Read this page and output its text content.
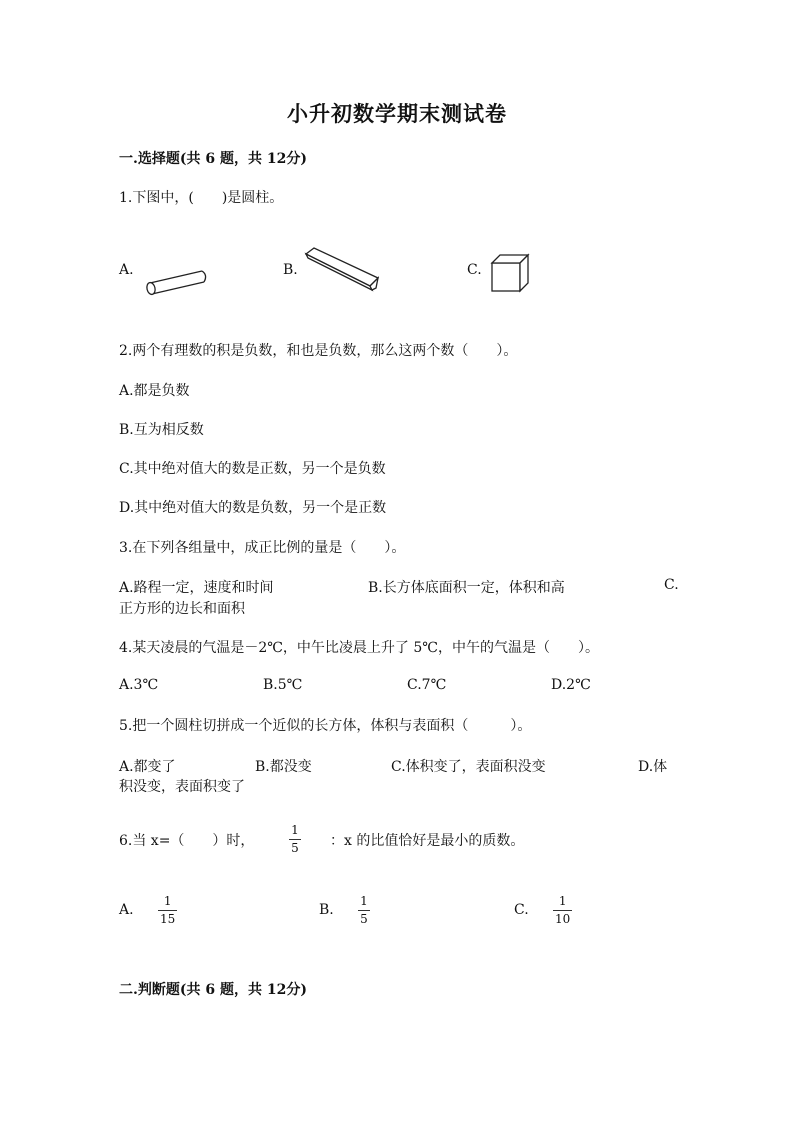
小升初数学期末测试卷
一.选择题(共 6 题，共 12分)
1.下图中，(　　)是圆柱。
A.	B.	C.
2.两个有理数的积是负数，和也是负数，那么这两个数（　　）。
A.都是负数
B.互为相反数
C.其中绝对值大的数是正数，另一个是负数
D.其中绝对值大的数是负数，另一个是正数
3.在下列各组量中，成正比例的量是（　　）。
A.路程一定，速度和时间	B.长方体底面积一定，体积和高	C.
正方形的边长和面积
4.某天凌晨的气温是－2℃，中午比凌晨上升了 5℃，中午的气温是（　　）。
A.3℃	B.5℃	C.7℃	D.2℃
5.把一个圆柱切拼成一个近似的长方体，体积与表面积（　　　）。
A.都变了	B.都没变	C.体积变了，表面积没变	D.体
积没变，表面积变了
6.当 x=（　　）时，
1
5 ：x 的比值恰好是最小的质数。
A.
1
15
B.
1
5
C.
1
10
二.判断题(共 6 题，共 12分)
